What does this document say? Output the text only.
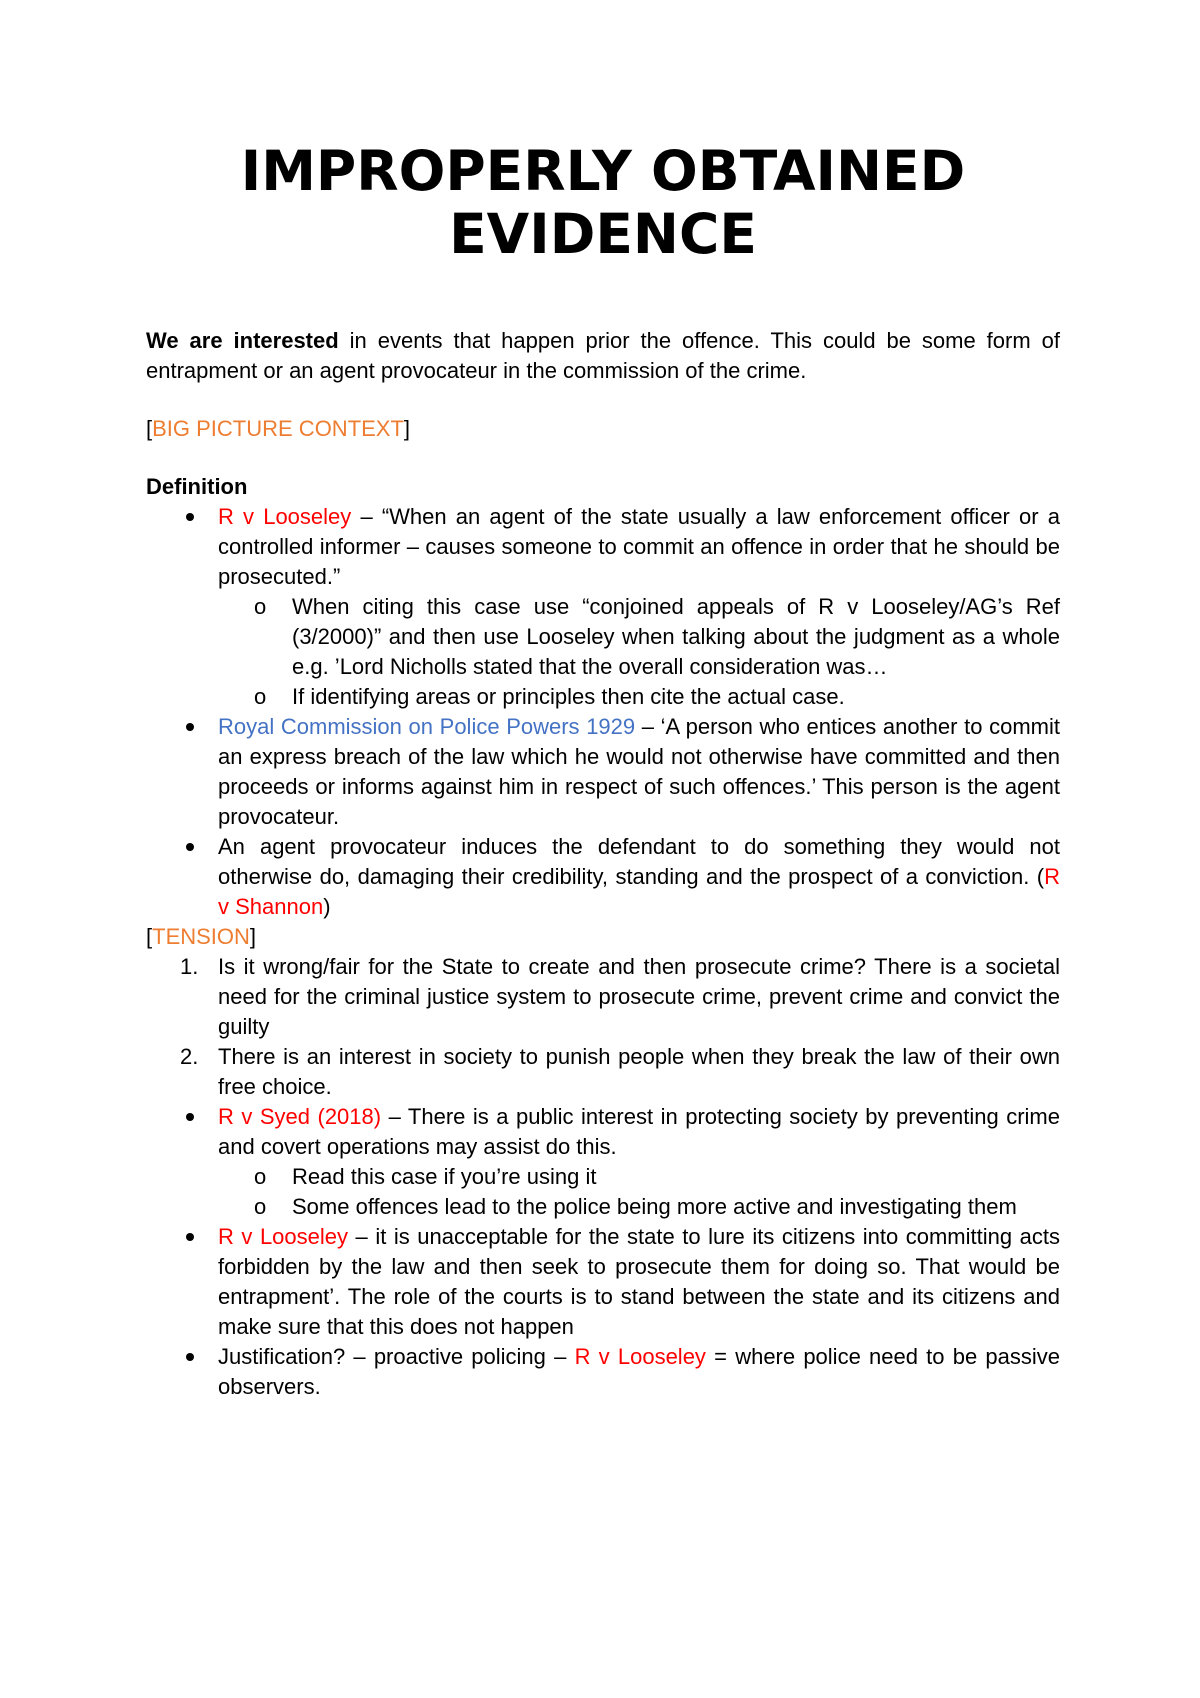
IMPROPERLY OBTAINED
EVIDENCE

We are interested in events that happen prior the offence. This could be some form of entrapment or an agent provocateur in the commission of the crime.

[BIG PICTURE CONTEXT]

Definition

R v Looseley – “When an agent of the state usually a law enforcement officer or a controlled informer – causes someone to commit an offence in order that he should be prosecuted.”
o When citing this case use “conjoined appeals of R v Looseley/AG’s Ref (3/2000)” and then use Looseley when talking about the judgment as a whole e.g. ’Lord Nicholls stated that the overall consideration was…
o If identifying areas or principles then cite the actual case.
Royal Commission on Police Powers 1929 – ‘A person who entices another to commit an express breach of the law which he would not otherwise have committed and then proceeds or informs against him in respect of such offences.’ This person is the agent provocateur.
An agent provocateur induces the defendant to do something they would not otherwise do, damaging their credibility, standing and the prospect of a conviction. (R v Shannon)

[TENSION]

1. Is it wrong/fair for the State to create and then prosecute crime? There is a societal need for the criminal justice system to prosecute crime, prevent crime and convict the guilty
2. There is an interest in society to punish people when they break the law of their own free choice.
R v Syed (2018) – There is a public interest in protecting society by preventing crime and covert operations may assist do this.
o Read this case if you’re using it
o Some offences lead to the police being more active and investigating them
R v Looseley – it is unacceptable for the state to lure its citizens into committing acts forbidden by the law and then seek to prosecute them for doing so. That would be entrapment’. The role of the courts is to stand between the state and its citizens and make sure that this does not happen
Justification? – proactive policing – R v Looseley = where police need to be passive observers.
